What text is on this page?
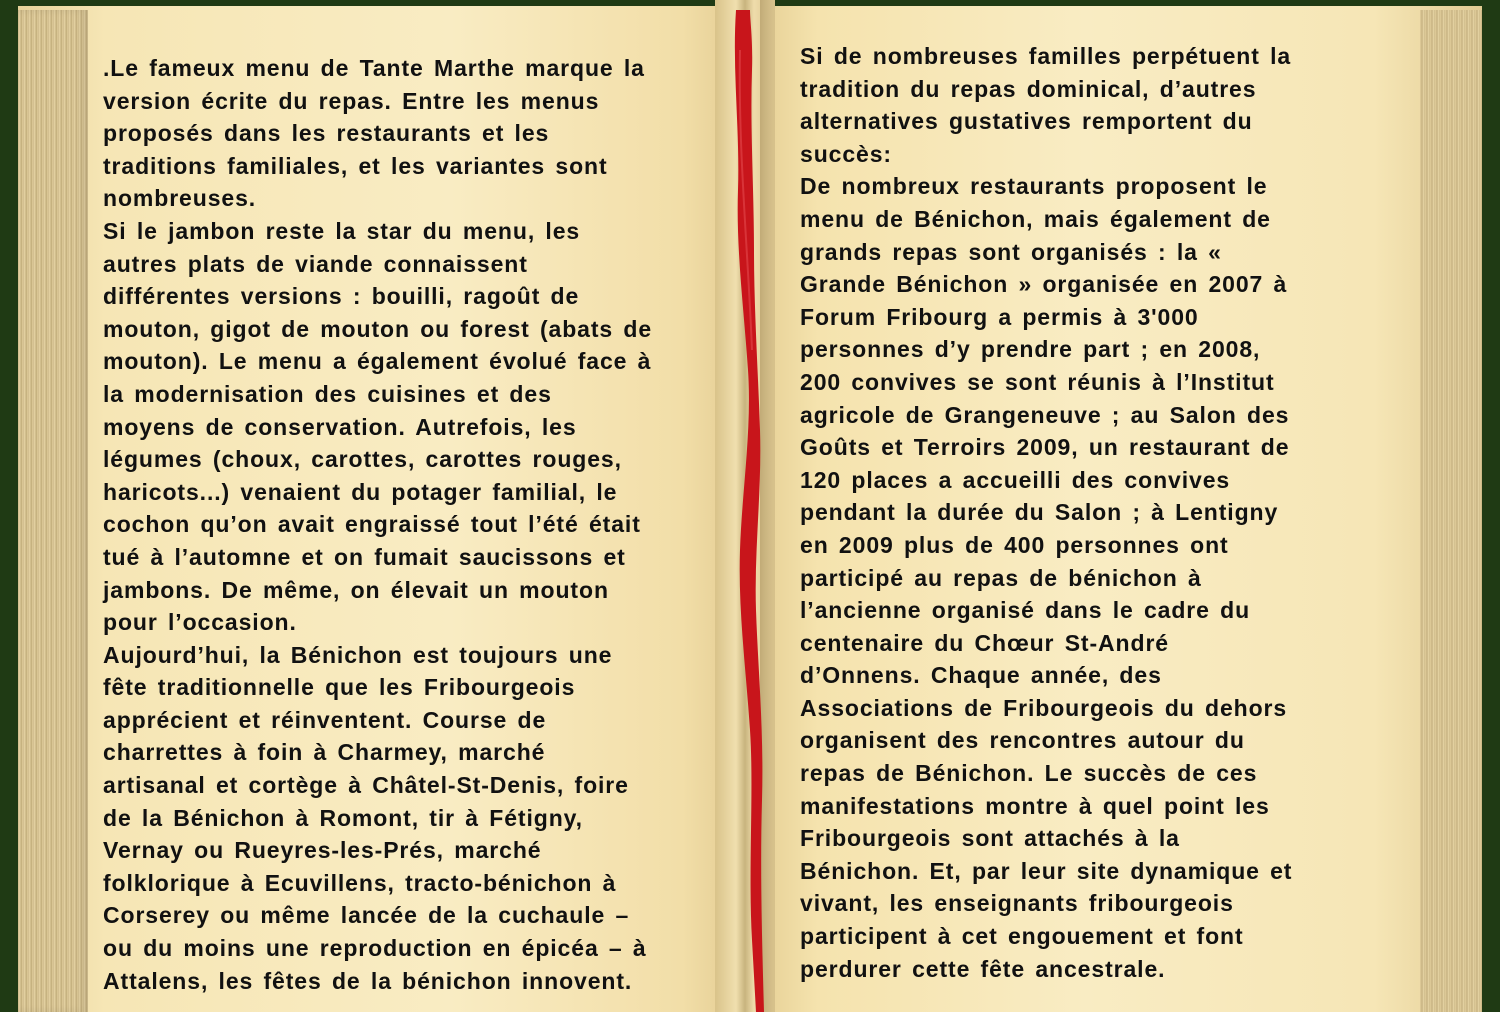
.Le fameux menu de Tante Marthe marque la

version écrite du repas. Entre les menus

proposés dans les restaurants et les

traditions familiales, et les variantes sont

nombreuses.

Si le jambon reste la star du menu, les

autres plats de viande connaissent

différentes versions : bouilli, ragoût de

mouton, gigot de mouton ou forest (abats de

mouton). Le menu a également évolué face à

la modernisation des cuisines et des

moyens de conservation. Autrefois, les

légumes (choux, carottes, carottes rouges,

haricots...) venaient du potager familial, le

cochon qu’on avait engraissé tout l’été était

tué à l’automne et on fumait saucissons et

jambons. De même, on élevait un mouton

pour l’occasion.

Aujourd’hui, la Bénichon est toujours une

fête traditionnelle que les Fribourgeois

apprécient et réinventent. Course de

charrettes à foin à Charmey, marché

artisanal et cortège à Châtel-St-Denis, foire

de la Bénichon à Romont, tir à Fétigny,

Vernay ou Rueyres-les-Prés, marché

folklorique à Ecuvillens, tracto-bénichon à

Corserey ou même lancée de la cuchaule –

ou du moins une reproduction en épicéa – à

Attalens, les fêtes de la bénichon innovent.

Si de nombreuses familles perpétuent la

tradition du repas dominical, d’autres

alternatives gustatives remportent du

succès:

De nombreux restaurants proposent le

menu de Bénichon, mais également de

grands repas sont organisés : la «

Grande Bénichon » organisée en 2007 à

Forum Fribourg a permis à 3'000

personnes d’y prendre part ; en 2008,

200 convives se sont réunis à l’Institut

agricole de Grangeneuve ; au Salon des

Goûts et Terroirs 2009, un restaurant de

120 places a accueilli des convives

pendant la durée du Salon ; à Lentigny

en 2009 plus de 400 personnes ont

participé au repas de bénichon à

l’ancienne organisé dans le cadre du

centenaire du Chœur St-André

d’Onnens. Chaque année, des

Associations de Fribourgeois du dehors

organisent des rencontres autour du

repas de Bénichon. Le succès de ces

manifestations montre à quel point les

Fribourgeois sont attachés à la

Bénichon. Et, par leur site dynamique et

vivant, les enseignants fribourgeois

participent à cet engouement et font

perdurer cette fête ancestrale.
